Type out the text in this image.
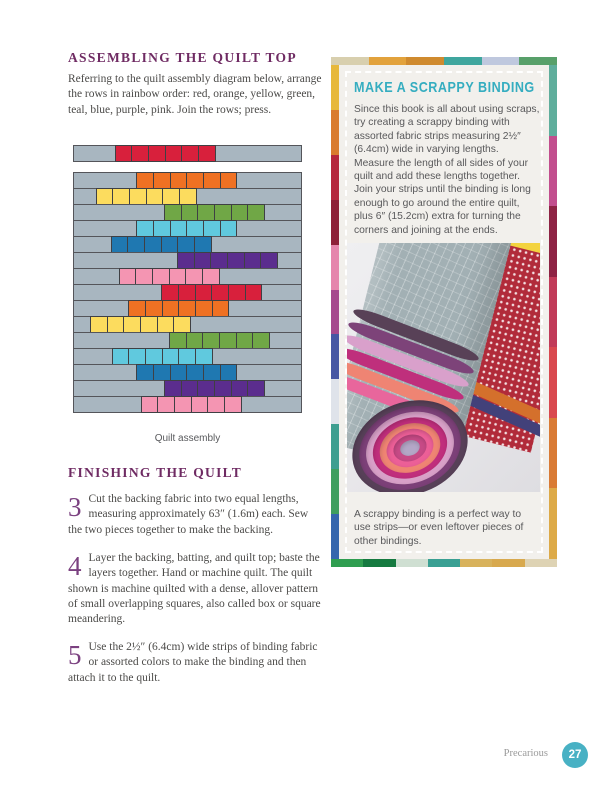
ASSEMBLING THE QUILT TOP

Referring to the quilt assembly diagram below, arrange the rows in rainbow order: red, orange, yellow, green, teal, blue, purple, pink. Join the rows; press.

Quilt assembly
FINISHING THE QUILT
3 Cut the backing fabric into two equal lengths, measuring approximately 63″ (1.6m) each. Sew the two pieces together to make the backing.
4 Layer the backing, batting, and quilt top; baste the layers together. Hand or machine quilt. The quilt shown is machine quilted with a dense, allover pattern of small overlapping squares, also called box or square meandering.
5 Use the 2½″ (6.4cm) wide strips of binding fabric or assorted colors to make the binding and then attach it to the quilt.
MAKE A SCRAPPY BINDING

Since this book is all about using scraps, try creating a scrappy binding with assorted fabric strips measuring 2½″ (6.4cm) wide in varying lengths. Measure the length of all sides of your quilt and add these lengths together. Join your strips until the binding is long enough to go around the entire quilt, plus 6″ (15.2cm) extra for turning the corners and joining at the ends.

A scrappy binding is a perfect way to use strips—or even leftover pieces of other bindings.

Precarious 27
